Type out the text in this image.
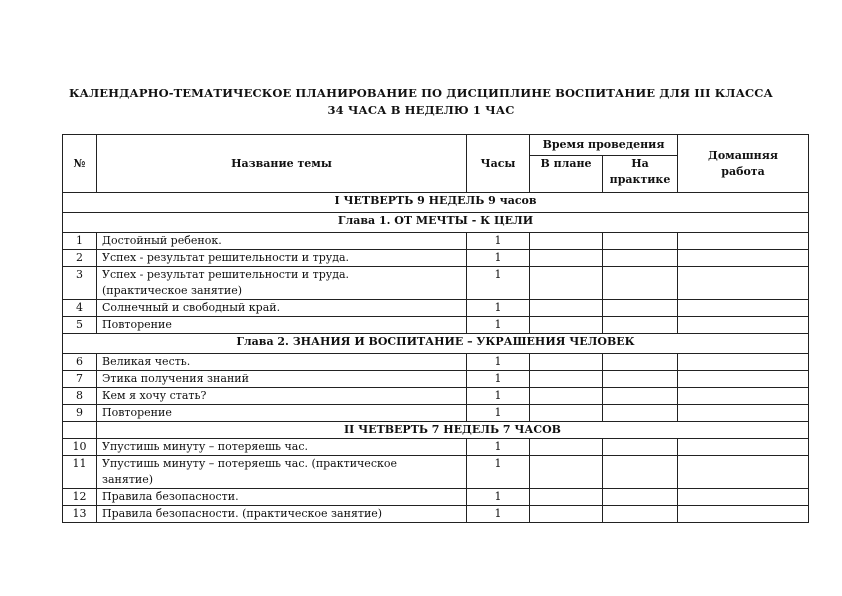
КАЛЕНДАРНО-ТЕМАТИЧЕСКОЕ ПЛАНИРОВАНИЕ ПО ДИСЦИПЛИНЕ ВОСПИТАНИЕ ДЛЯ III КЛАССА
34 ЧАСА В НЕДЕЛЮ 1 ЧАС
№	Название темы	Часы	Время проведения		Домашняя
работа
			В плане	На
практике	
I ЧЕТВЕРТЬ 9 НЕДЕЛЬ 9 часов					
Глава 1. ОТ МЕЧТЫ - К ЦЕЛИ					
1	Достойный ребенок.	1			
2	Успех - результат решительности и труда.	1			
3	Успех - результат решительности и труда.
(практическое занятие)	1			
4	Солнечный и свободный край.	1			
5	Повторение	1			
Глава 2. ЗНАНИЯ И ВОСПИТАНИЕ – УКРАШЕНИЯ ЧЕЛОВЕК					
6	Великая честь.	1			
7	Этика получения знаний	1			
8	Кем я хочу стать?	1			
9	Повторение	1			
	II ЧЕТВЕРТЬ 7 НЕДЕЛЬ 7 ЧАСОВ				
10	Упустишь минуту – потеряешь час.	1			
11	Упустишь минуту – потеряешь час. (практическое
занятие)	1			
12	Правила безопасности.	1			
13	Правила безопасности. (практическое занятие)	1			
